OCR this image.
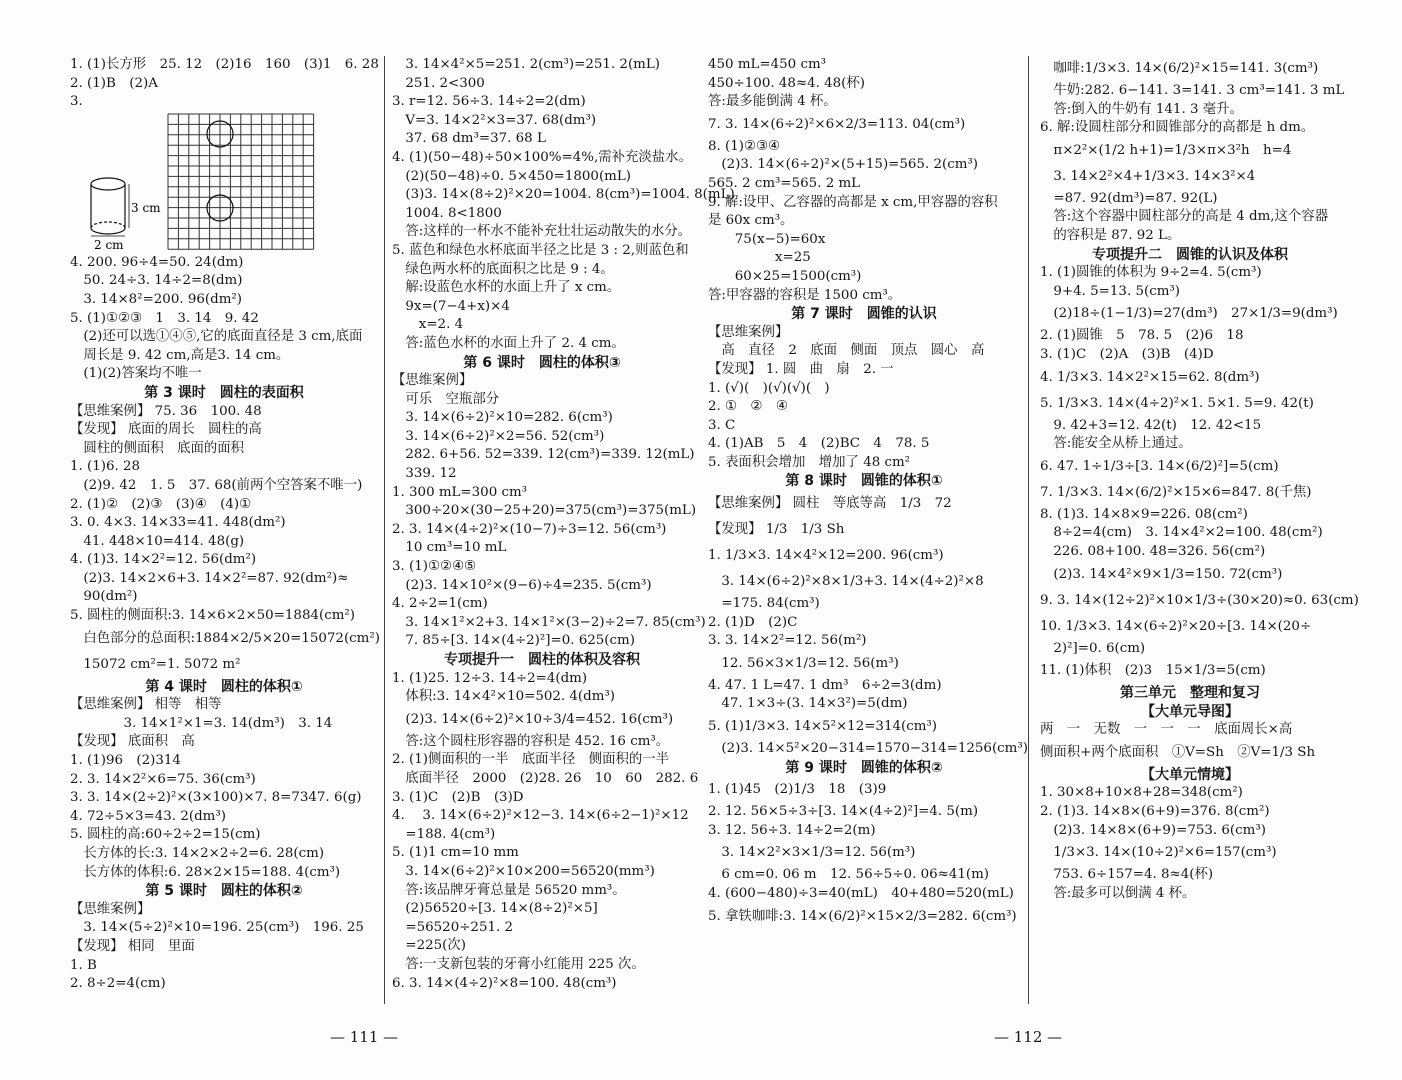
1. (1)长方形　25. 12　(2)16　160　(3)1　6. 28
2. (1)B　(2)A
3.
3 cm
2 cm
4. 200. 96÷4=50. 24(dm)
　50. 24÷3. 14÷2=8(dm)
　3. 14×8²=200. 96(dm²)
5. (1)①②③　1　3. 14　9. 42
　(2)还可以选①④⑤,它的底面直径是 3 cm,底面
　周长是 9. 42 cm,高是3. 14 cm。
　(1)(2)答案均不唯一
第 3 课时　圆柱的表面积
【思维案例】 75. 36　100. 48
【发现】 底面的周长　圆柱的高
　圆柱的侧面积　底面的面积
1. (1)6. 28
　(2)9. 42　1. 5　37. 68(前两个空答案不唯一)
2. (1)②　(2)③　(3)④　(4)①
3. 0. 4×3. 14×33=41. 448(dm²)
　41. 448×10=414. 48(g)
4. (1)3. 14×2²=12. 56(dm²)
　(2)3. 14×2×6+3. 14×2²=87. 92(dm²)≈
　90(dm²)
5. 圆柱的侧面积:3. 14×6×2×50=1884(cm²)
　白色部分的总面积:1884×2/5×20=15072(cm²)
　15072 cm²=1. 5072 m²
第 4 课时　圆柱的体积①
【思维案例】 相等　相等
　　　　3. 14×1²×1=3. 14(dm³)　3. 14
【发现】 底面积　高
1. (1)96　(2)314
2. 3. 14×2²×6=75. 36(cm³)
3. 3. 14×(2÷2)²×(3×100)×7. 8=7347. 6(g)
4. 72÷5×3=43. 2(dm³)
5. 圆柱的高:60÷2÷2=15(cm)
　长方体的长:3. 14×2×2÷2=6. 28(cm)
　长方体的体积:6. 28×2×15=188. 4(cm³)
第 5 课时　圆柱的体积②
【思维案例】
　3. 14×(5÷2)²×10=196. 25(cm³)　196. 25
【发现】 相同　里面
1. B
2. 8÷2=4(cm)
　3. 14×4²×5=251. 2(cm³)=251. 2(mL)
　251. 2<300
3. r=12. 56÷3. 14÷2=2(dm)
　V=3. 14×2²×3=37. 68(dm³)
　37. 68 dm³=37. 68 L
4. (1)(50−48)÷50×100%=4%,需补充淡盐水。
　(2)(50−48)÷0. 5×450=1800(mL)
　(3)3. 14×(8÷2)²×20=1004. 8(cm³)=1004. 8(mL)
　1004. 8<1800
　答:这样的一杯水不能补充壮壮运动散失的水分。
5. 蓝色和绿色水杯底面半径之比是 3 : 2,则蓝色和
　绿色两水杯的底面积之比是 9 : 4。
　解:设蓝色水杯的水面上升了 x cm。
　9x=(7−4+x)×4
　　x=2. 4
　答:蓝色水杯的水面上升了 2. 4 cm。
第 6 课时　圆柱的体积③
【思维案例】
　可乐　空瓶部分
　3. 14×(6÷2)²×10=282. 6(cm³)
　3. 14×(6÷2)²×2=56. 52(cm³)
　282. 6+56. 52=339. 12(cm³)=339. 12(mL)
　339. 12
1. 300 mL=300 cm³
　300÷20×(30−25+20)=375(cm³)=375(mL)
2. 3. 14×(4÷2)²×(10−7)÷3=12. 56(cm³)
　10 cm³=10 mL
3. (1)①②④⑤
　(2)3. 14×10²×(9−6)÷4=235. 5(cm³)
4. 2÷2=1(cm)
　3. 14×1²×2+3. 14×1²×(3−2)÷2=7. 85(cm³)
　7. 85÷[3. 14×(4÷2)²]=0. 625(cm)
专项提升一　圆柱的体积及容积
1. (1)25. 12÷3. 14÷2=4(dm)
　体积:3. 14×4²×10=502. 4(dm³)
　(2)3. 14×(6÷2)²×10÷3/4=452. 16(cm³)
　答:这个圆柱形容器的容积是 452. 16 cm³。
2. (1)侧面积的一半　底面半径　侧面积的一半
　底面半径　2000　(2)28. 26　10　60　282. 6
3. (1)C　(2)B　(3)D
4. 　3. 14×(6÷2)²×12−3. 14×(6÷2−1)²×12
　=188. 4(cm³)
5. (1)1 cm=10 mm
　3. 14×(6÷2)²×10×200=56520(mm³)
　答:该品牌牙膏总量是 56520 mm³。
　(2)56520÷[3. 14×(8÷2)²×5]
　=56520÷251. 2
　=225(次)
　答:一支新包装的牙膏小红能用 225 次。
6. 3. 14×(4÷2)²×8=100. 48(cm³)
450 mL=450 cm³
450÷100. 48≈4. 48(杯)
答:最多能倒满 4 杯。
7. 3. 14×(6÷2)²×6×2/3=113. 04(cm³)
8. (1)②③④
　(2)3. 14×(6÷2)²×(5+15)=565. 2(cm³)
565. 2 cm³=565. 2 mL
9. 解:设甲、乙容器的高都是 x cm,甲容器的容积
是 60x cm³。
　　75(x−5)=60x
　　　　　x=25
　　60×25=1500(cm³)
答:甲容器的容积是 1500 cm³。
第 7 课时　圆锥的认识
【思维案例】
　高　直径　2　底面　侧面　顶点　圆心　高
【发现】 1. 圆　曲　扇　2. 一
1. (√)(　)(√)(√)(　)
2. ①　②　④
3. C
4. (1)AB　5　4　(2)BC　4　78. 5
5. 表面积会增加　增加了 48 cm²
第 8 课时　圆锥的体积①
【思维案例】 圆柱　等底等高　1/3　72
【发现】 1/3　1/3 Sh
1. 1/3×3. 14×4²×12=200. 96(cm³)
　3. 14×(6÷2)²×8×1/3+3. 14×(4÷2)²×8
　=175. 84(cm³)
2. (1)D　(2)C
3. 3. 14×2²=12. 56(m²)
　12. 56×3×1/3=12. 56(m³)
4. 47. 1 L=47. 1 dm³　6÷2=3(dm)
　47. 1×3÷(3. 14×3²)=5(dm)
5. (1)1/3×3. 14×5²×12=314(cm³)
　(2)3. 14×5²×20−314=1570−314=1256(cm³)
第 9 课时　圆锥的体积②
1. (1)45　(2)1/3　18　(3)9
2. 12. 56×5÷3÷[3. 14×(4÷2)²]=4. 5(m)
3. 12. 56÷3. 14÷2=2(m)
　3. 14×2²×3×1/3=12. 56(m³)
　6 cm=0. 06 m　12. 56÷5÷0. 06≈41(m)
4. (600−480)÷3=40(mL)　40+480=520(mL)
5. 拿铁咖啡:3. 14×(6/2)²×15×2/3=282. 6(cm³)
　咖啡:1/3×3. 14×(6/2)²×15=141. 3(cm³)
　牛奶:282. 6−141. 3=141. 3 cm³=141. 3 mL
　答:倒入的牛奶有 141. 3 毫升。
6. 解:设圆柱部分和圆锥部分的高都是 h dm。
　π×2²×(1/2 h+1)=1/3×π×3²h　h=4
　3. 14×2²×4+1/3×3. 14×3²×4
　=87. 92(dm³)=87. 92(L)
　答:这个容器中圆柱部分的高是 4 dm,这个容器
　的容积是 87. 92 L。
专项提升二　圆锥的认识及体积
1. (1)圆锥的体积为 9÷2=4. 5(cm³)
　9+4. 5=13. 5(cm³)
　(2)18÷(1−1/3)=27(dm³)　27×1/3=9(dm³)
2. (1)圆锥　5　78. 5　(2)6　18
3. (1)C　(2)A　(3)B　(4)D
4. 1/3×3. 14×2²×15=62. 8(dm³)
5. 1/3×3. 14×(4÷2)²×1. 5×1. 5=9. 42(t)
　9. 42+3=12. 42(t)　12. 42<15
　答:能安全从桥上通过。
6. 47. 1÷1/3÷[3. 14×(6/2)²]=5(cm)
7. 1/3×3. 14×(6/2)²×15×6=847. 8(千焦)
8. (1)3. 14×8×9=226. 08(cm²)
　8÷2=4(cm)　3. 14×4²×2=100. 48(cm²)
　226. 08+100. 48=326. 56(cm²)
　(2)3. 14×4²×9×1/3=150. 72(cm³)
9. 3. 14×(12÷2)²×10×1/3÷(30×20)≈0. 63(cm)
10. 1/3×3. 14×(6÷2)²×20÷[3. 14×(20÷
　2)²]=0. 6(cm)
11. (1)体积　(2)3　15×1/3=5(cm)
第三单元　整理和复习
【大单元导图】
两　一　无数　一　一　一　底面周长×高
侧面积+两个底面积　①V=Sh　②V=1/3 Sh
【大单元情境】
1. 30×8+10×8+28=348(cm²)
2. (1)3. 14×8×(6+9)=376. 8(cm²)
　(2)3. 14×8×(6+9)=753. 6(cm³)
　1/3×3. 14×(10÷2)²×6=157(cm³)
　753. 6÷157=4. 8≈4(杯)
　答:最多可以倒满 4 杯。
— 111 —	— 112 —
